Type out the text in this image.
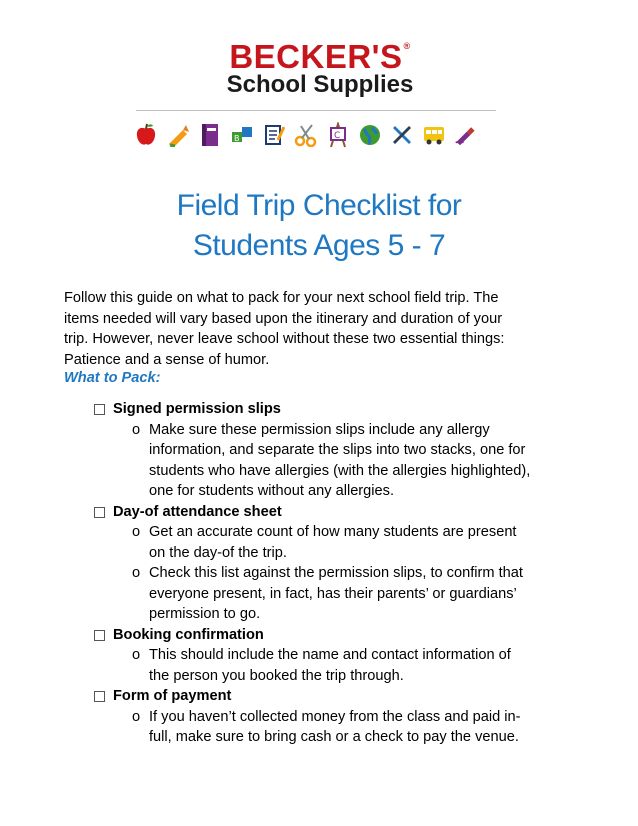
BECKER'S ®
School Supplies
B	C
Field Trip Checklist for
Students Ages 5 - 7
Follow this guide on what to pack for your next school field trip. The
items needed will vary based upon the itinerary and duration of your
trip. However, never leave school without these two essential things:
Patience and a sense of humor.
What to Pack:
Signed permission slips
o Make sure these permission slips include any allergy
information, and separate the slips into two stacks, one for
students who have allergies (with the allergies highlighted),
one for students without any allergies.
Day-of attendance sheet
o Get an accurate count of how many students are present
on the day-of the trip.
o Check this list against the permission slips, to confirm that
everyone present, in fact, has their parents’ or guardians’
permission to go.
Booking confirmation
o This should include the name and contact information of
the person you booked the trip through.
Form of payment
o If you haven’t collected money from the class and paid in-
full, make sure to bring cash or a check to pay the venue.
